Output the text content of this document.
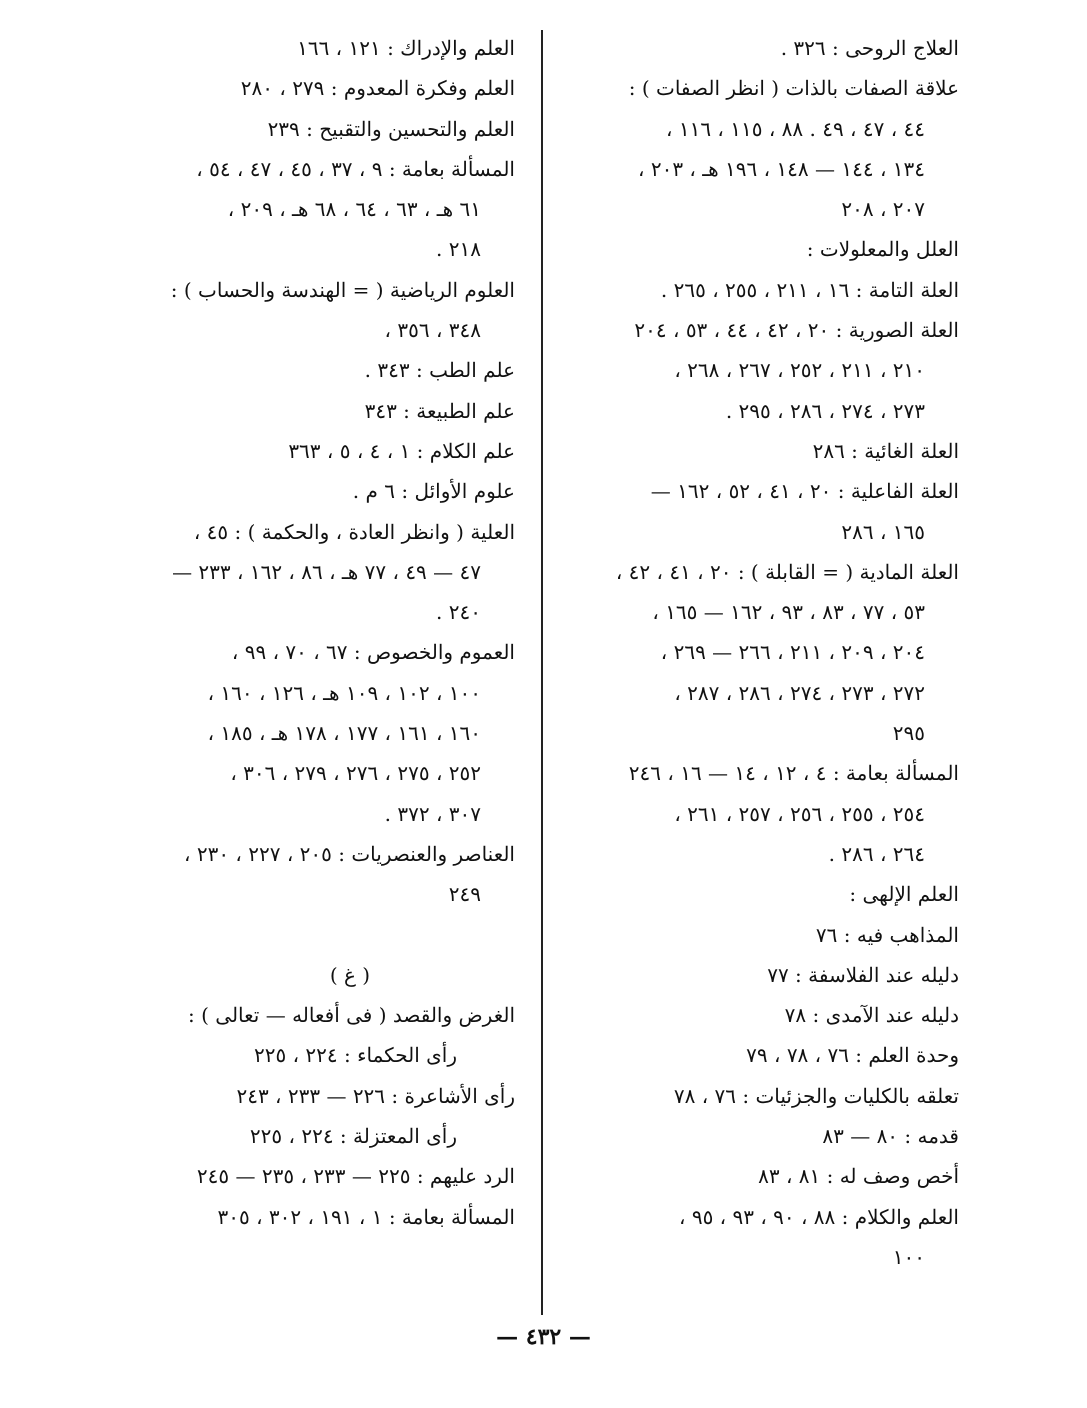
العلاج الروحى : ٣٢٦ .
علاقة الصفات بالذات ( انظر الصفات ) :
٤٤ ، ٤٧ ، ٤٩ . ٨٨ ، ١١٥ ، ١١٦ ،
١٣٤ ، ١٤٤ — ١٤٨ ، ١٩٦ هـ ، ٢٠٣ ،
٢٠٧ ، ٢٠٨
العلل والمعلولات :
العلة التامة : ١٦ ، ٢١١ ، ٢٥٥ ، ٢٦٥ .
العلة الصورية : ٢٠ ، ٤٢ ، ٤٤ ، ٥٣ ، ٢٠٤
٢١٠ ، ٢١١ ، ٢٥٢ ، ٢٦٧ ، ٢٦٨ ،
٢٧٣ ، ٢٧٤ ، ٢٨٦ ، ٢٩٥ .
العلة الغائية : ٢٨٦
العلة الفاعلية : ٢٠ ، ٤١ ، ٥٢ ، ١٦٢ —
١٦٥ ، ٢٨٦
العلة المادية ( = القابلة ) : ٢٠ ، ٤١ ، ٤٢ ،
٥٣ ، ٧٧ ، ٨٣ ، ٩٣ ، ١٦٢ — ١٦٥ ،
٢٠٤ ، ٢٠٩ ، ٢١١ ، ٢٦٦ — ٢٦٩ ،
٢٧٢ ، ٢٧٣ ، ٢٧٤ ، ٢٨٦ ، ٢٨٧ ،
٢٩٥
المسألة بعامة : ٤ ، ١٢ ، ١٤ — ١٦ ، ٢٤٦
٢٥٤ ، ٢٥٥ ، ٢٥٦ ، ٢٥٧ ، ٢٦١ ،
٢٦٤ ، ٢٨٦ .
العلم الإلهى :
المذاهب فيه : ٧٦
دليله عند الفلاسفة : ٧٧
دليله عند الآمدى : ٧٨
وحدة العلم : ٧٦ ، ٧٨ ، ٧٩
تعلقه بالكليات والجزئيات : ٧٦ ، ٧٨
قدمه : ٨٠ — ٨٣
أخص وصف له : ٨١ ، ٨٣
العلم والكلام : ٨٨ ، ٩٠ ، ٩٣ ، ٩٥ ،
١٠٠
العلم والإدراك : ١٢١ ، ١٦٦
العلم وفكرة المعدوم : ٢٧٩ ، ٢٨٠
العلم والتحسين والتقبيح : ٢٣٩
المسألة بعامة : ٩ ، ٣٧ ، ٤٥ ، ٤٧ ، ٥٤ ،
٦١ هـ ، ٦٣ ، ٦٤ ، ٦٨ هـ ، ٢٠٩ ،
٢١٨ .
العلوم الرياضية ( = الهندسة والحساب ) :
٣٤٨ ، ٣٥٦ ،
علم الطب : ٣٤٣ .
علم الطبيعة : ٣٤٣
علم الكلام : ١ ، ٤ ، ٥ ، ٣٦٣
علوم الأوائل : ٦ م .
العلية ( وانظر العادة ، والحكمة ) : ٤٥ ،
٤٧ — ٤٩ ، ٧٧ هـ ، ٨٦ ، ١٦٢ ، ٢٣٣ —
٢٤٠ .
العموم والخصوص : ٦٧ ، ٧٠ ، ٩٩ ،
١٠٠ ، ١٠٢ ، ١٠٩ هـ ، ١٢٦ ، ١٦٠ ،
١٦٠ ، ١٦١ ، ١٧٧ ، ١٧٨ هـ ، ١٨٥ ،
٢٥٢ ، ٢٧٥ ، ٢٧٦ ، ٢٧٩ ، ٣٠٦ ،
٣٠٧ ، ٣٧٢ .
العناصر والعنصريات : ٢٠٥ ، ٢٢٧ ، ٢٣٠ ،
٢٤٩
( غ )
الغرض والقصد ( فى أفعاله — تعالى ) :
رأى الحكماء : ٢٢٤ ، ٢٢٥
رأى الأشاعرة : ٢٢٦ — ٢٣٣ ، ٢٤٣
رأى المعتزلة : ٢٢٤ ، ٢٢٥
الرد عليهم : ٢٢٥ — ٢٣٣ ، ٢٣٥ — ٢٤٥
المسألة بعامة : ١ ، ١٩١ ، ٣٠٢ ، ٣٠٥
— ٤٣٢ —
